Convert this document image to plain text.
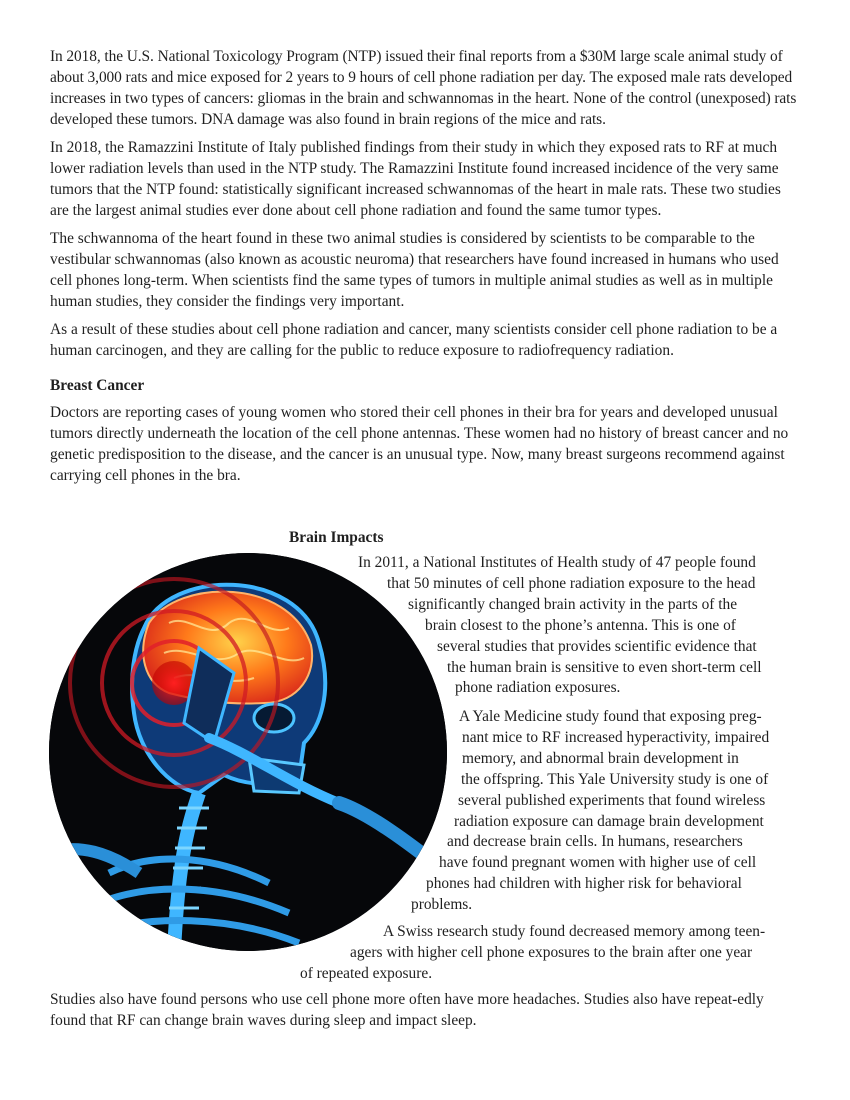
In 2018, the U.S. National Toxicology Program (NTP) issued their final reports from a $30M large scale animal study of about 3,000 rats and mice exposed for 2 years to 9 hours of cell phone radiation per day. The exposed male rats developed increases in two types of cancers: gliomas in the brain and schwannomas in the heart. None of the control (unexposed) rats developed these tumors. DNA damage was also found in brain regions of the mice and rats.

In 2018, the Ramazzini Institute of Italy published findings from their study in which they exposed rats to RF at much lower radiation levels than used in the NTP study. The Ramazzini Institute found increased incidence of the very same tumors that the NTP found: statistically significant increased schwannomas of the heart in male rats. These two studies are the largest animal studies ever done about cell phone radiation and found the same tumor types.

The schwannoma of the heart found in these two animal studies is considered by scientists to be comparable to the vestibular schwannomas (also known as acoustic neuroma) that researchers have found increased in humans who used cell phones long-term. When scientists find the same types of tumors in multiple animal studies as well as in multiple human studies, they consider the findings very important.

As a result of these studies about cell phone radiation and cancer, many scientists consider cell phone radiation to be a human carcinogen, and they are calling for the public to reduce exposure to radiofrequency radiation.

Breast Cancer

Doctors are reporting cases of young women who stored their cell phones in their bra for years and developed unusual tumors directly underneath the location of the cell phone antennas. These women had no history of breast cancer and no genetic predisposition to the disease, and the cancer is an unusual type. Now, many breast surgeons recommend against carrying cell phones in the bra.

Brain Impacts
In 2011, a National Institutes of Health study of 47 people found
that 50 minutes of cell phone radiation exposure to the head
significantly changed brain activity in the parts of the
brain closest to the phone’s antenna. This is one of
several studies that provides scientific evidence that
the human brain is sensitive to even short-term cell
phone radiation exposures.
A Yale Medicine study found that exposing preg-
nant mice to RF increased hyperactivity, impaired
memory, and abnormal brain development in
the offspring. This Yale University study is one of
several published experiments that found wireless
radiation exposure can damage brain development
and decrease brain cells. In humans, researchers
have found pregnant women with higher use of cell
phones had children with higher risk for behavioral
problems.
A Swiss research study found decreased memory among teen-
agers with higher cell phone exposures to the brain after one year
of repeated exposure.

Studies also have found persons who use cell phone more often have more headaches. Studies also have repeat-edly found that RF can change brain waves during sleep and impact sleep.
